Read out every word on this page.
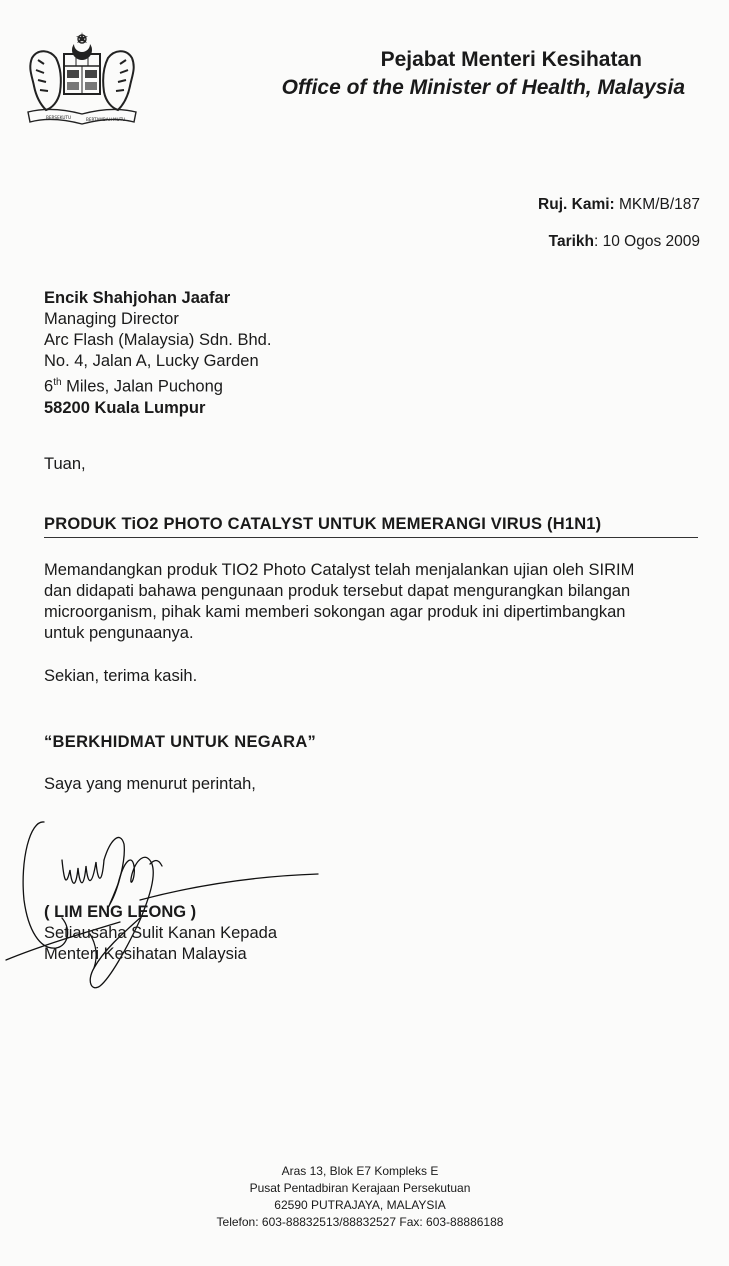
BERSEKUTU	BERTAMBAH MUTU
Pejabat Menteri Kesihatan
Office of the Minister of Health, Malaysia
Ruj. Kami: MKM/B/187
Tarikh: 10 Ogos 2009
Encik Shahjohan Jaafar
Managing Director
Arc Flash (Malaysia) Sdn. Bhd.
No. 4, Jalan A, Lucky Garden
6th Miles, Jalan Puchong
58200 Kuala Lumpur
Tuan,
PRODUK TiO2 PHOTO CATALYST UNTUK MEMERANGI VIRUS (H1N1)
Memandangkan produk TIO2 Photo Catalyst telah menjalankan ujian oleh SIRIM
dan didapati bahawa pengunaan produk tersebut dapat mengurangkan bilangan
microorganism, pihak kami memberi sokongan agar produk ini dipertimbangkan
untuk pengunaanya.
Sekian, terima kasih.
“BERKHIDMAT UNTUK NEGARA”
Saya yang menurut perintah,
( LIM ENG LEONG )
Setiausaha Sulit Kanan Kepada
Menteri Kesihatan Malaysia
Aras 13, Blok E7 Kompleks E
Pusat Pentadbiran Kerajaan Persekutuan
62590 PUTRAJAYA, MALAYSIA
Telefon: 603-88832513/88832527 Fax: 603-88886188
